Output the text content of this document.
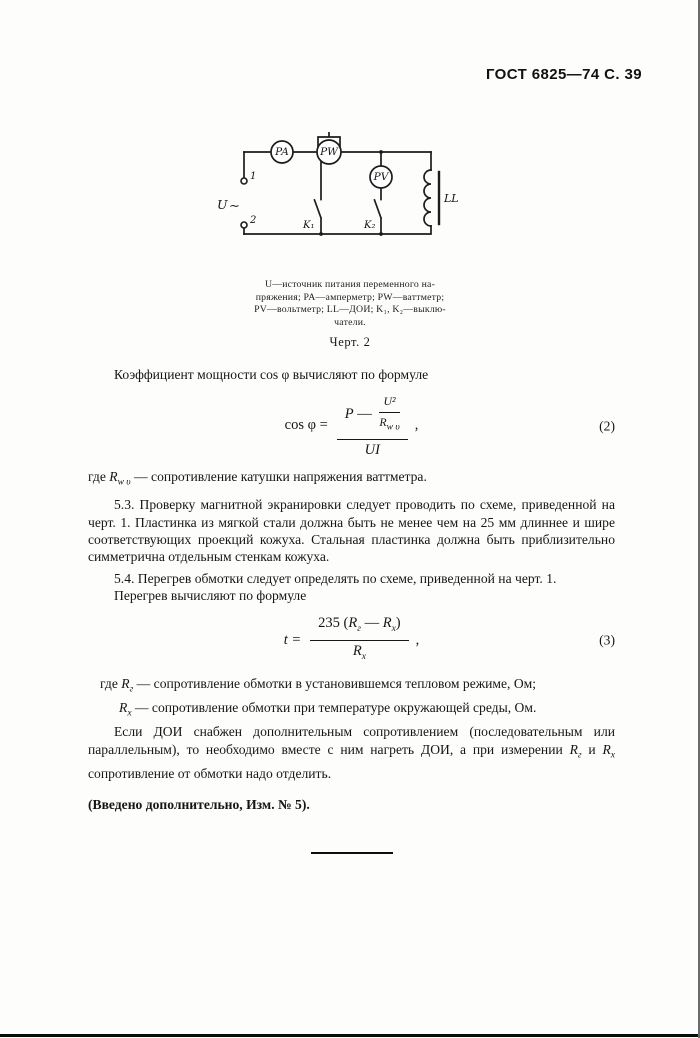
ГОСТ 6825—74 С. 39
PA	PW
PV
1
2
U ∼
K₁	K₂
LL
U—источник питания переменного на-
пряжения; PA—амперметр; PW—ваттметр;
PV—вольтметр; LL—ДОИ; K₁, K₂—выклю-
чатели.
Черт. 2

Коэффициент мощности cos φ вычисляют по формуле

$\cos \varphi = \frac{P — \frac{\text{U²}}{R_{w \upsilon}}}{UI}$ ,	(2)

где $R_{w \upsilon}$ — сопротивление катушки напряжения ваттметра.

5.3. Проверку магнитной экранировки следует проводить по схеме, приведенной на черт. 1. Пластинка из мягкой стали должна быть не менее чем на 25 мм длиннее и шире соответствующих проекций кожуха. Стальная пластинка должна быть приблизительно симметрична отдельным стенкам кожуха.

5.4. Перегрев обмотки следует определять по схеме, приведенной на черт. 1.

Перегрев вычисляют по формуле

t =
235 ($R_г$ — $R_х$)
$R_х$
,	(3)

где $R_г$ — сопротивление обмотки в установившемся тепловом режиме, Ом;

$R_х$ — сопротивление обмотки при температуре окружающей среды, Ом.

Если ДОИ снабжен дополнительным сопротивлением (последовательным или параллельным), то необходимо вместе с ним нагреть ДОИ, а при измерении $R_г$ и $R_х$ сопротивление от обмотки надо отделить.

(Введено дополнительно, Изм. № 5).
